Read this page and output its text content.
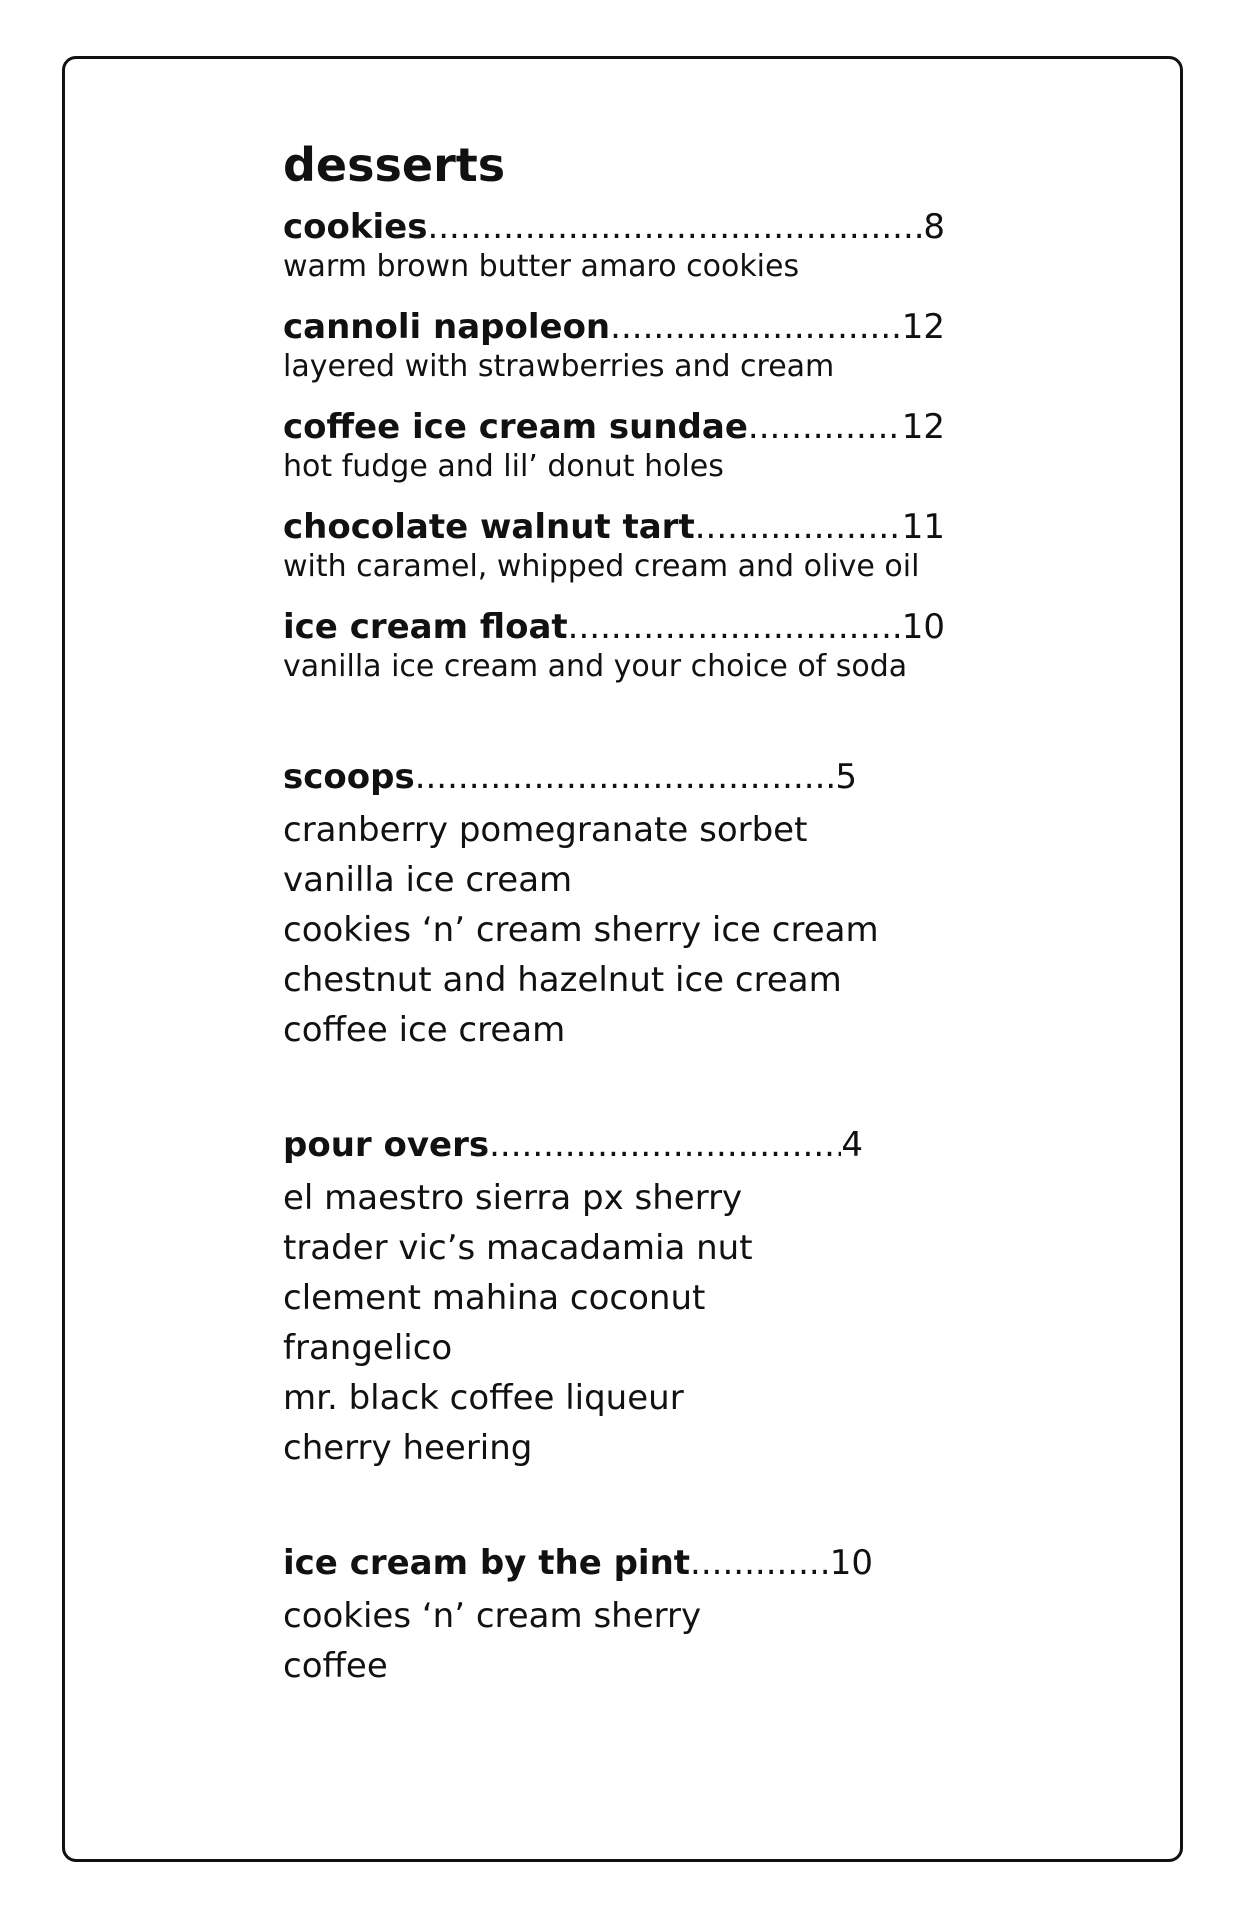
desserts
cookies .....	8
warm brown butter amaro cookies
cannoli napoleon .....	12
layered with strawberries and cream
coffee ice cream sundae .....	12
hot fudge and lil’ donut holes
chocolate walnut tart .....	11
with caramel, whipped cream and olive oil
ice cream float .....	10
vanilla ice cream and your choice of soda
scoops .....	5
cranberry pomegranate sorbet
vanilla ice cream
cookies ‘n’ cream sherry ice cream
chestnut and hazelnut ice cream
coffee ice cream
pour overs .....	4
el maestro sierra px sherry
trader vic’s macadamia nut
clement mahina coconut
frangelico
mr. black coffee liqueur
cherry heering
ice cream by the pint .....	10
cookies ‘n’ cream sherry
coffee
